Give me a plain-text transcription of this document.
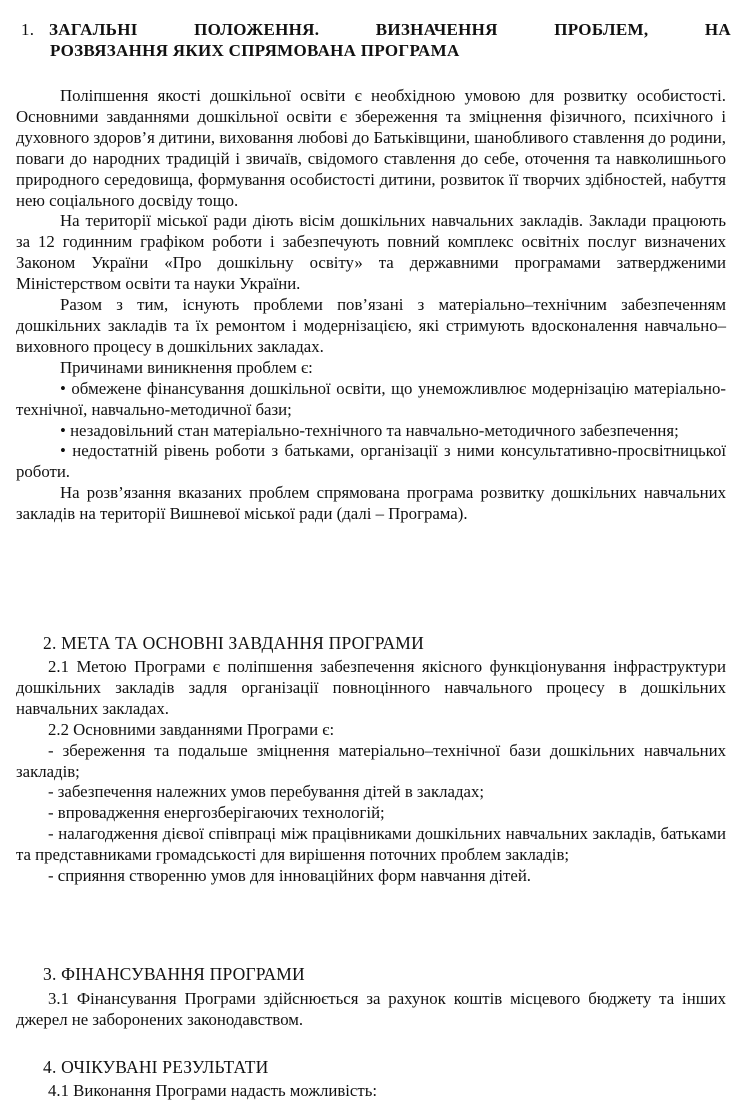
1. ЗАГАЛЬНІ	ПОЛОЖЕННЯ.	ВИЗНАЧЕННЯ	ПРОБЛЕМ,	НА
РОЗВЯЗАННЯ ЯКИХ СПРЯМОВАНА ПРОГРАМА

Поліпшення якості дошкільної освіти є необхідною умовою для розвитку особистості. Основними завданнями дошкільної освіти є збереження та зміцнення фізичного, психічного і духовного здоров’я дитини, виховання любові до Батьківщини, шанобливого ставлення до родини, поваги до народних традицій і звичаїв, свідомого ставлення до себе, оточення та навколишнього природного середовища, формування особистості дитини, розвиток її творчих здібностей, набуття нею соціального досвіду тощо.

На території міської ради діють вісім дошкільних навчальних закладів. Заклади працюють за 12 годинним графіком роботи і забезпечують повний комплекс освітніх послуг визначених Законом України «Про дошкільну освіту» та державними програмами затвердженими Міністерством освіти та науки України.

Разом з тим, існують проблеми пов’язані з матеріально–технічним забезпеченням дошкільних закладів та їх ремонтом і модернізацією, які стримують вдосконалення навчально–виховного процесу в дошкільних закладах.

Причинами виникнення проблем є:

• обмежене фінансування дошкільної освіти, що унеможливлює модернізацію матеріально-технічної, навчально-методичної бази;

• незадовільний стан матеріально-технічного та навчально-методичного забезпечення;

• недостатній рівень роботи з батьками, організації з ними консультативно-просвітницької роботи.

На розв’язання вказаних проблем спрямована програма розвитку дошкільних навчальних закладів на території Вишневої міської ради (далі – Програма).

2. МЕТА ТА ОСНОВНІ ЗАВДАННЯ ПРОГРАМИ

2.1 Метою Програми є поліпшення забезпечення якісного функціонування інфраструктури дошкільних закладів задля організації повноцінного навчального процесу в дошкільних навчальних закладах.

2.2 Основними завданнями Програми є:

- збереження та подальше зміцнення матеріально–технічної бази дошкільних навчальних закладів;

- забезпечення належних умов перебування дітей в закладах;

- впровадження енергозберігаючих технологій;

- налагодження дієвої співпраці між працівниками дошкільних навчальних закладів, батьками та представниками громадськості для вирішення поточних проблем закладів;

- сприяння створенню умов для інноваційних форм навчання дітей.

3. ФІНАНСУВАННЯ ПРОГРАМИ

3.1 Фінансування Програми здійснюється за рахунок коштів місцевого бюджету та інших джерел не заборонених законодавством.

4. ОЧІКУВАНІ РЕЗУЛЬТАТИ

4.1 Виконання Програми надасть можливість:
